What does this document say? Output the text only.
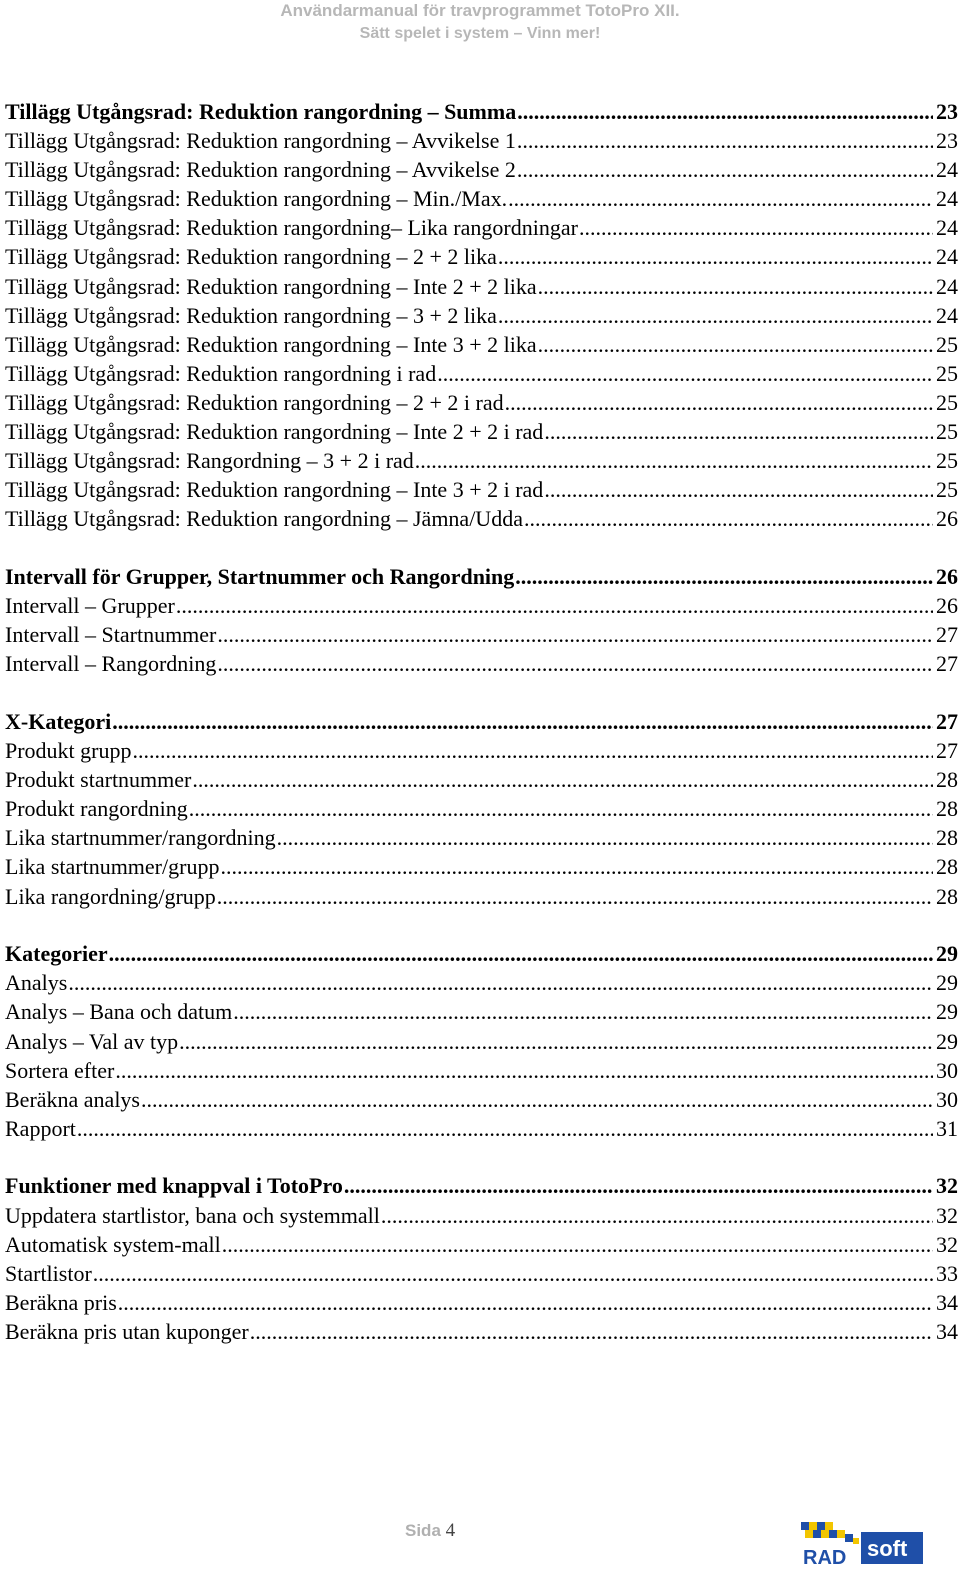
Användarmanual för travprogrammet TotoPro XII.
Sätt spelet i system – Vinn mer!
Tillägg Utgångsrad: Reduktion rangordning – Summa .....	23
Tillägg Utgångsrad: Reduktion rangordning – Avvikelse 1 .....	23
Tillägg Utgångsrad: Reduktion rangordning – Avvikelse 2 .....	24
Tillägg Utgångsrad: Reduktion rangordning – Min./Max. .....	24
Tillägg Utgångsrad: Reduktion rangordning– Lika rangordningar .....	24
Tillägg Utgångsrad: Reduktion rangordning – 2 + 2 lika .....	24
Tillägg Utgångsrad: Reduktion rangordning – Inte 2 + 2 lika .....	24
Tillägg Utgångsrad: Reduktion rangordning – 3 + 2 lika .....	24
Tillägg Utgångsrad: Reduktion rangordning – Inte 3 + 2 lika .....	25
Tillägg Utgångsrad: Reduktion rangordning i rad .....	25
Tillägg Utgångsrad: Reduktion rangordning – 2 + 2 i rad .....	25
Tillägg Utgångsrad: Reduktion rangordning – Inte 2 + 2 i rad .....	25
Tillägg Utgångsrad: Rangordning – 3 + 2 i rad .....	25
Tillägg Utgångsrad: Reduktion rangordning – Inte 3 + 2 i rad .....	25
Tillägg Utgångsrad: Reduktion rangordning – Jämna/Udda .....	26
Intervall för Grupper, Startnummer och Rangordning .....	26
Intervall – Grupper .....	26
Intervall – Startnummer .....	27
Intervall – Rangordning .....	27
X-Kategori .....	27
Produkt grupp .....	27
Produkt startnummer .....	28
Produkt rangordning .....	28
Lika startnummer/rangordning .....	28
Lika startnummer/grupp .....	28
Lika rangordning/grupp .....	28
Kategorier .....	29
Analys .....	29
Analys – Bana och datum .....	29
Analys – Val av typ .....	29
Sortera efter .....	30
Beräkna analys .....	30
Rapport .....	31
Funktioner med knappval i TotoPro .....	32
Uppdatera startlistor, bana och systemmall .....	32
Automatisk system-mall .....	32
Startlistor .....	33
Beräkna pris .....	34
Beräkna pris utan kuponger .....	34
Sida 4
RAD soft
